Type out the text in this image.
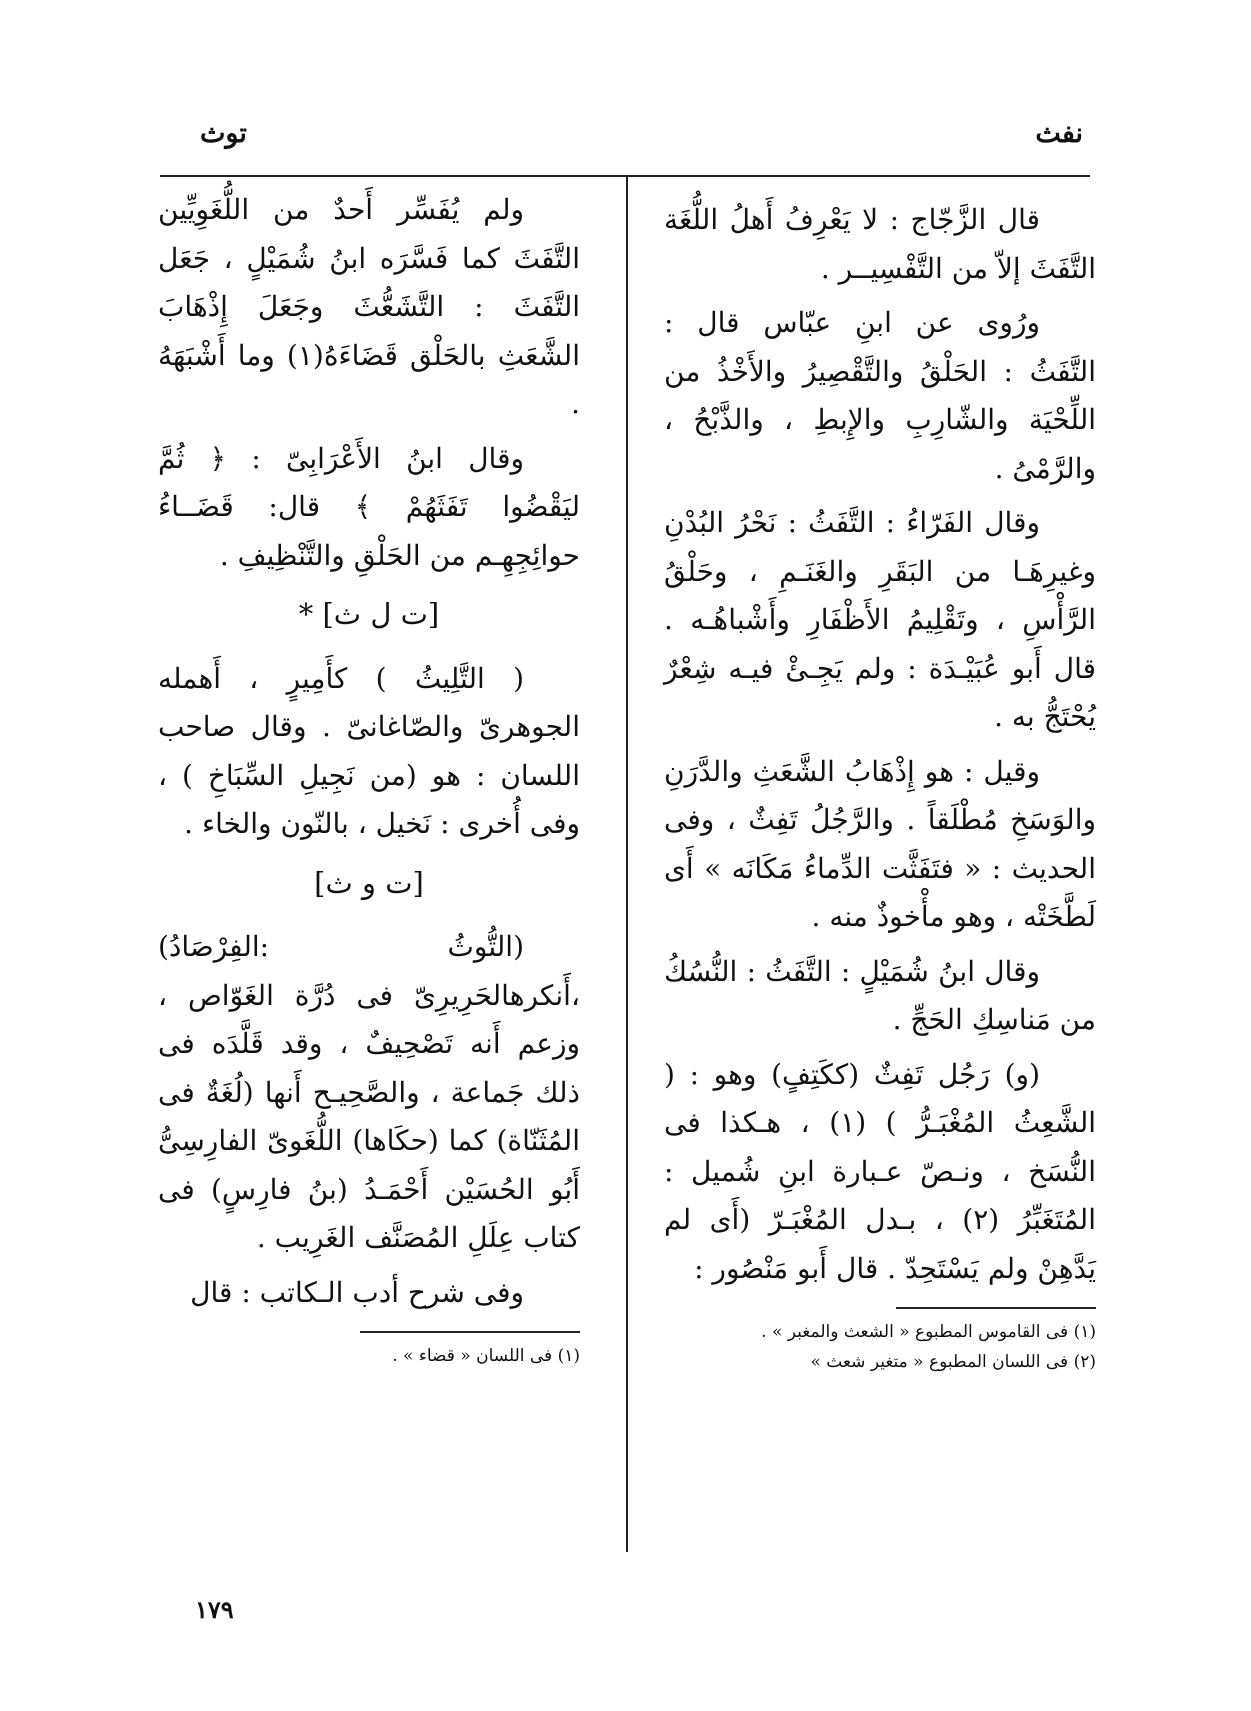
نفث
توث

قال الزَّجّاج : لا يَعْرِفُ أَهلُ اللُّغَة التَّفَثَ إلاّ من التَّفْسِيــر .

ورُوى عن ابنِ عبّاس قال : التَّفَثُ : الحَلْقُ والتَّقْصِيرُ والأَخْذُ من اللِّحْيَة والشّارِبِ والإِبطِ ، والذَّبْحُ ، والرَّمْىُ .

وقال الفَرّاءُ : التَّفَثُ : نَحْرُ البُدْنِ وغيرِهَـا من البَقَرِ والغَنَـمِ ، وحَلْقُ الرَّأْسِ ، وتَقْلِيمُ الأَظْفَارِ وأَشْباهُـه . قال أَبو عُبَيْـدَة : ولم يَجِـئْ فيـه شِعْرٌ يُحْتَجُّ به .

وقيل : هو إِذْهَابُ الشَّعَثِ والدَّرَنِ والوَسَخِ مُطْلَقاً . والرَّجُلُ تَفِثٌ ، وفى الحديث : « فتَفَثَّت الدِّماءُ مَكَانَه » أَى لَطَّخَتْه ، وهو مأْخوذٌ منه .

وقال ابنُ شُمَيْلٍ : التَّفَثُ : النُّسُكُ من مَناسِكِ الحَجِّ .

(و) رَجُل تَفِثٌ (ككَتِفٍ) وهو : ( الشَّعِثُ المُغْبَـرُّ ) (١) ، هـكذا فى النُّسَخ ، ونـصّ عـبارة ابنِ شُميل : المُتَغَبِّرُ (٢) ، بـدل المُغْبَـرّ (أَى لم يَدَّهِنْ ولم يَسْتَحِدّ . قال أَبو مَنْصُور :

(١) فى القاموس المطبوع « الشعث والمغبر » .
(٢) فى اللسان المطبوع « متغير شعث »

ولم يُفَسِّر أَحدٌ من اللُّغَوِيِّين التَّفَثَ كما فَسَّرَه ابنُ شُمَيْلٍ ، جَعَل التَّفَثَ : التَّشَعُّثَ وجَعَلَ إِذْهَابَ الشَّعَثِ بالحَلْق قَضَاءَهُ(١) وما أَشْبَهَهُ .

وقال ابنُ الأَعْرَابِىّ : ﴿ ثُمَّ ليَقْضُوا تَفَثَهُمْ ﴾ قال: قَضَــاءُ حوائِجِهِـم من الحَلْقِ والتَّنْظِيفِ .

[ت ل ث] *

( التَّلِيثُ ) كأَمِيرٍ ، أَهمله الجوهرىّ والصّاغانىّ . وقال صاحب اللسان : هو (من نَجِيلِ السِّبَاخِ ) ، وفى أُخرى : نَخيل ، بالنّون والخاء .

[ت و ث]

(التُّوثُ :الفِرْصَادُ) ،أَنكرهالحَرِيرِىّ فى دُرَّة الغَوّاص ، وزعم أَنه تَصْحِيفٌ ، وقد قَلَّدَه فى ذلك جَماعة ، والصَّحِيـح أَنها (لُغَةٌ فى المُثَنّاة) كما (حكَاها) اللُّغَوىّ الفارِسِىُّ أَبُو الحُسَيْن أَحْمَـدُ (بنُ فارِسٍ) فى كتاب عِلَلِ المُصَنَّف الغَرِيب .

وفى شرح أدب الـكاتب : قال

(١) فى اللسان « قضاء » .
١٧٩
